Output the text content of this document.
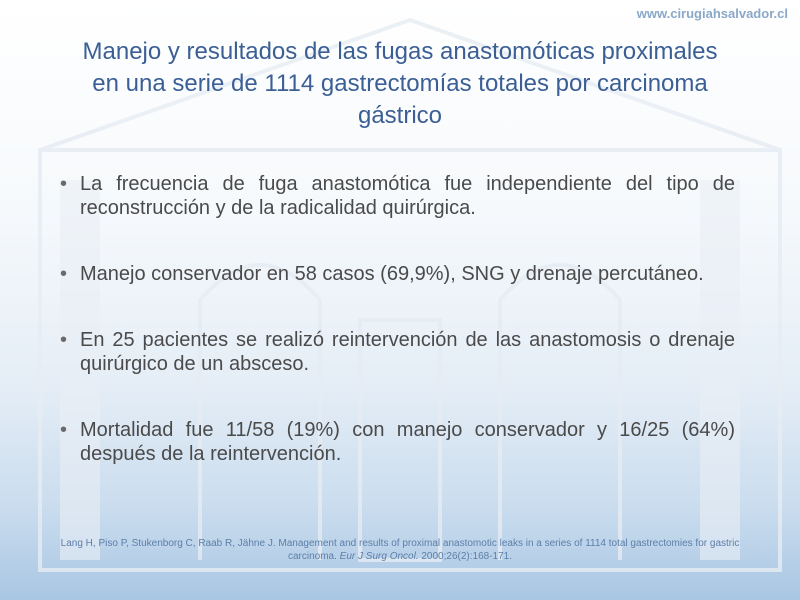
www.cirugiahsalvador.cl
Manejo y resultados de las fugas anastomóticas proximales en una serie de 1114 gastrectomías totales por carcinoma gástrico
• La frecuencia de fuga anastomótica fue independiente del tipo de reconstrucción y de la radicalidad quirúrgica.
• Manejo conservador en 58 casos (69,9%), SNG y drenaje percutáneo.
• En 25 pacientes se realizó reintervención de las anastomosis o drenaje quirúrgico de un absceso.
• Mortalidad fue 11/58 (19%) con manejo conservador y 16/25 (64%) después de la reintervención.
Lang H, Piso P, Stukenborg C, Raab R, Jähne J. Management and results of proximal anastomotic leaks in a series of 1114 total gastrectomies for gastric carcinoma. Eur J Surg Oncol. 2000;26(2):168-171.
